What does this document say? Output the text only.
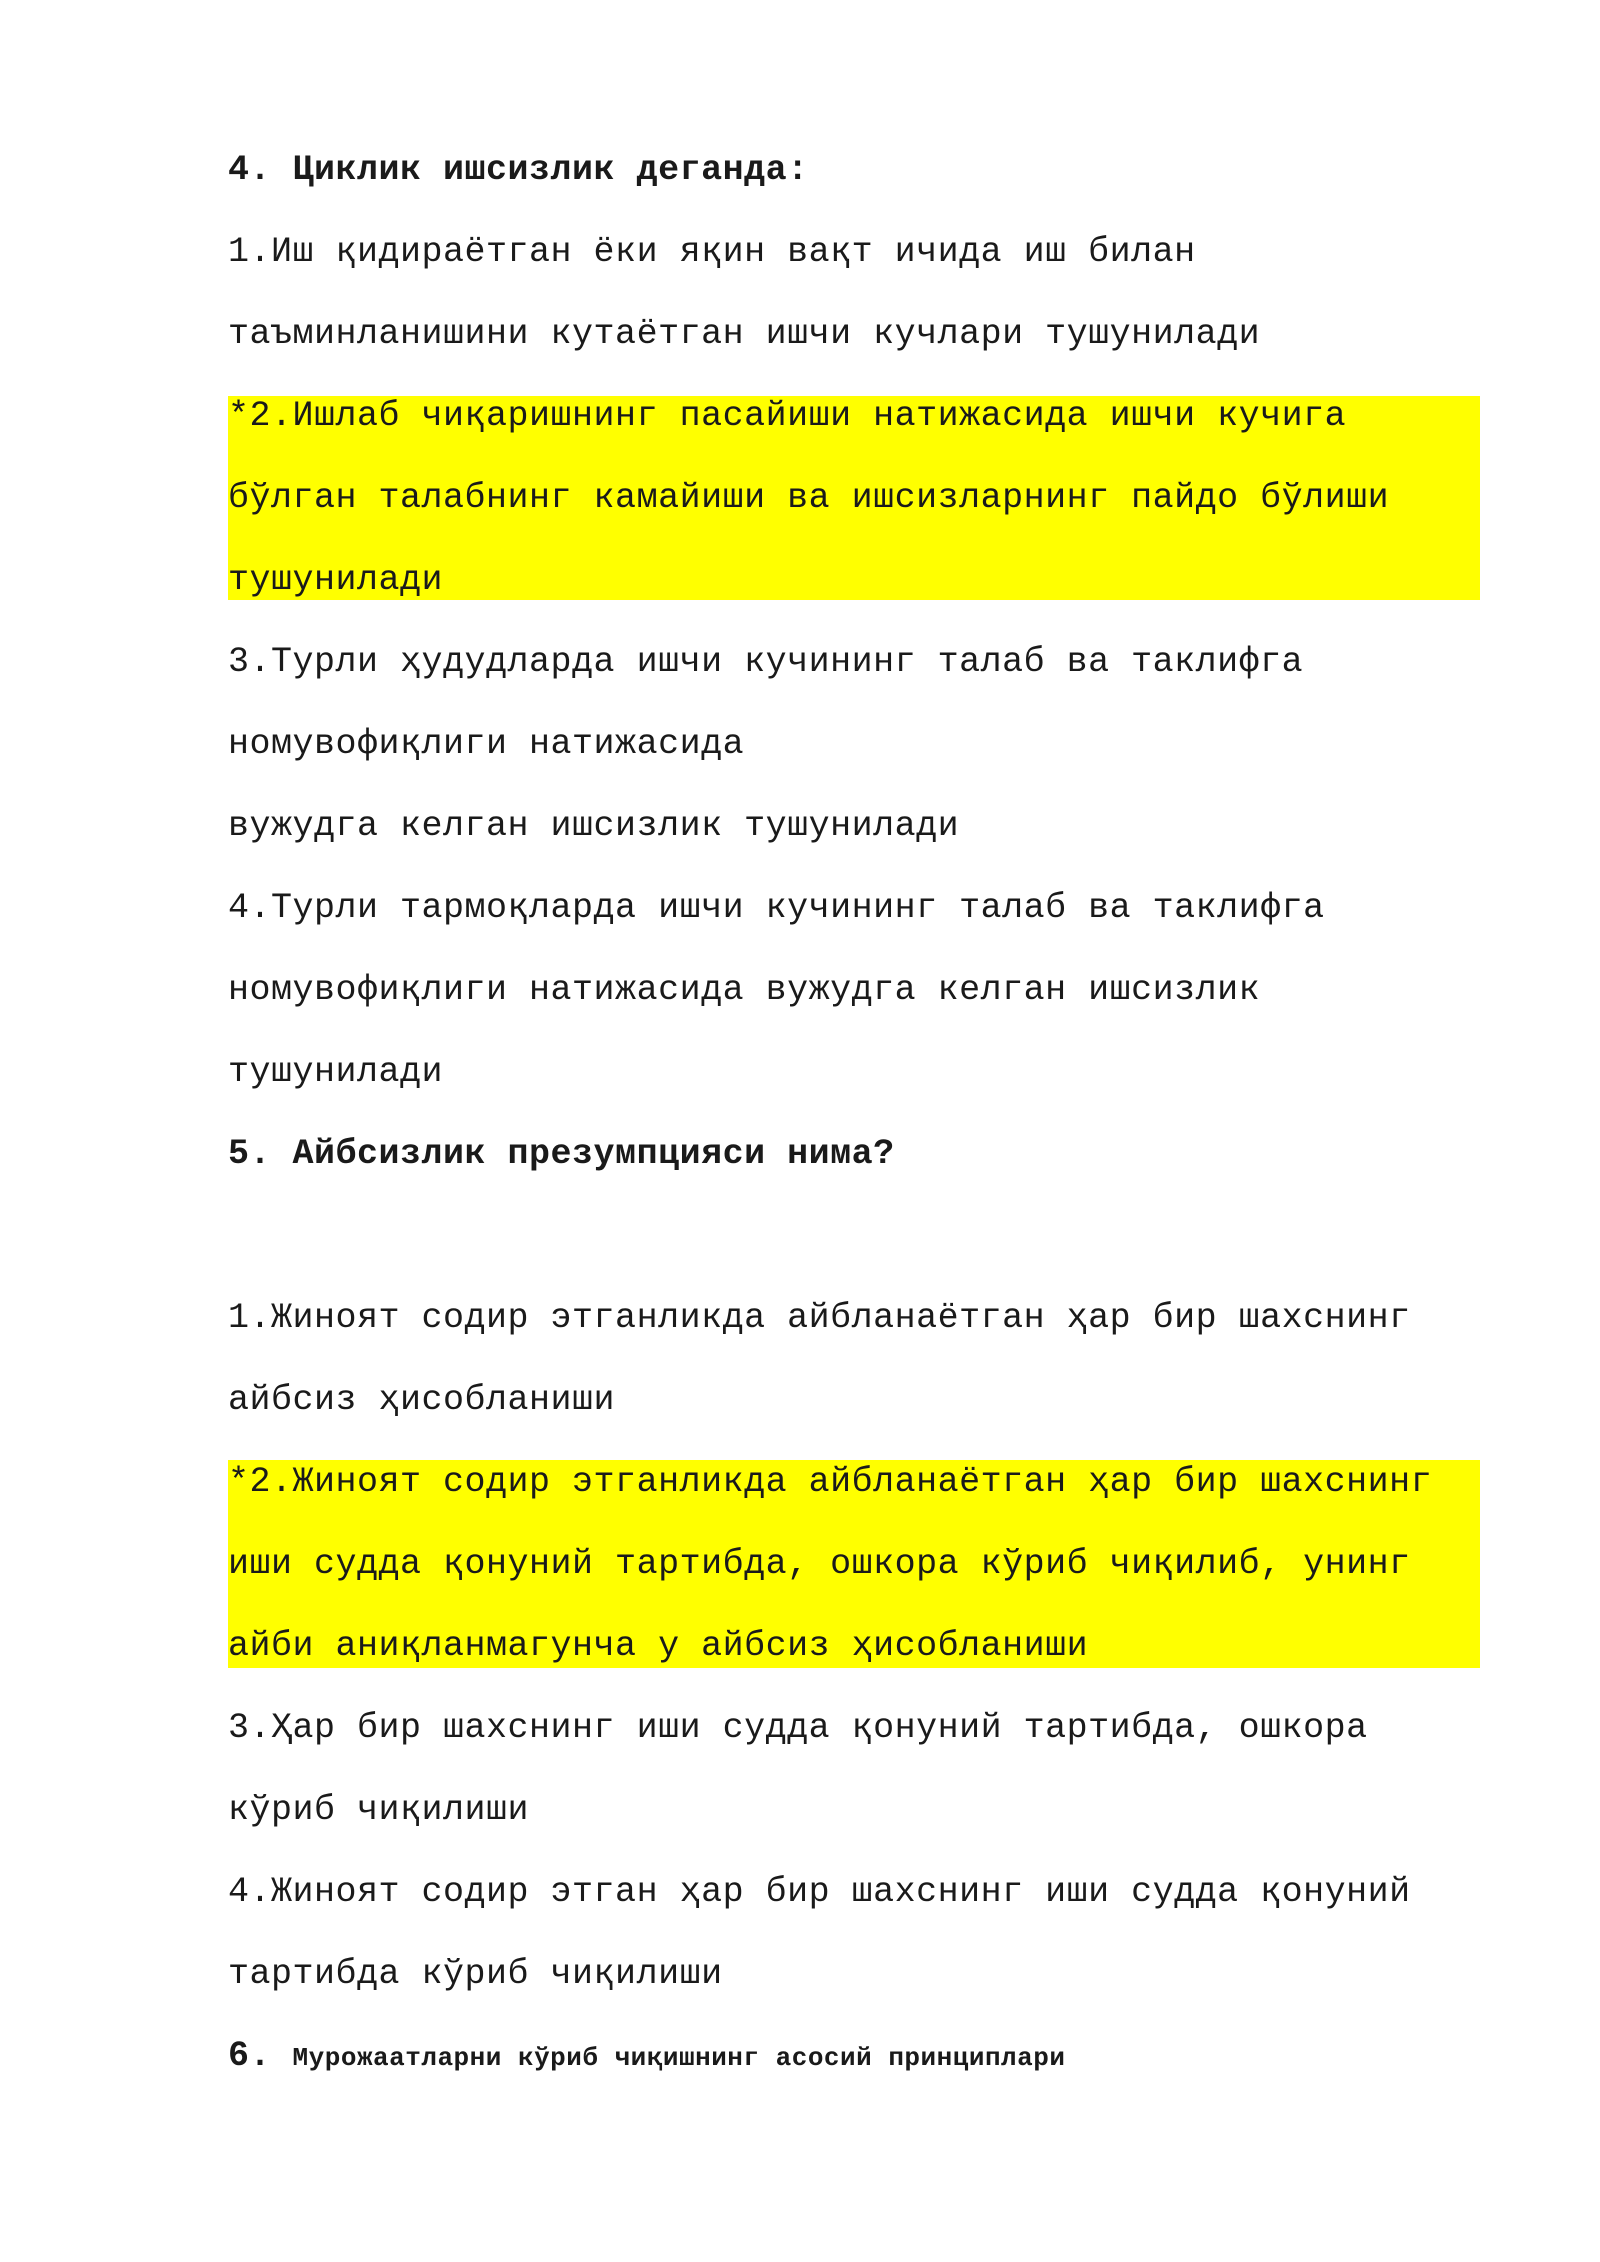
4. Циклик ишсизлик деганда:
1.Иш қидираётган ёки яқин вақт ичида иш билан
таъминланишини кутаётган ишчи кучлари тушунилади
*2.Ишлаб чиқаришнинг пасайиши натижасида ишчи кучига
бўлган талабнинг камайиши ва ишсизларнинг пайдо бўлиши
тушунилади
3.Турли ҳудудларда ишчи кучининг талаб ва таклифга
номувофиқлиги натижасида
вужудга келган ишсизлик тушунилади
4.Турли тармоқларда ишчи кучининг талаб ва таклифга
номувофиқлиги натижасида вужудга келган ишсизлик
тушунилади
5. Айбсизлик презумпцияси нима?
1.Жиноят содир этганликда айбланаётган ҳар бир шахснинг
айбсиз ҳисобланиши
*2.Жиноят содир этганликда айбланаётган ҳар бир шахснинг
иши судда қонуний тартибда, ошкора кўриб чиқилиб, унинг
айби аниқланмагунча у айбсиз ҳисобланиши
3.Ҳар бир шахснинг иши судда қонуний тартибда, ошкора
кўриб чиқилиши
4.Жиноят содир этган ҳар бир шахснинг иши судда қонуний
тартибда кўриб чиқилиши
6. Мурожаатларни кўриб чиқишнинг асосий принциплари
